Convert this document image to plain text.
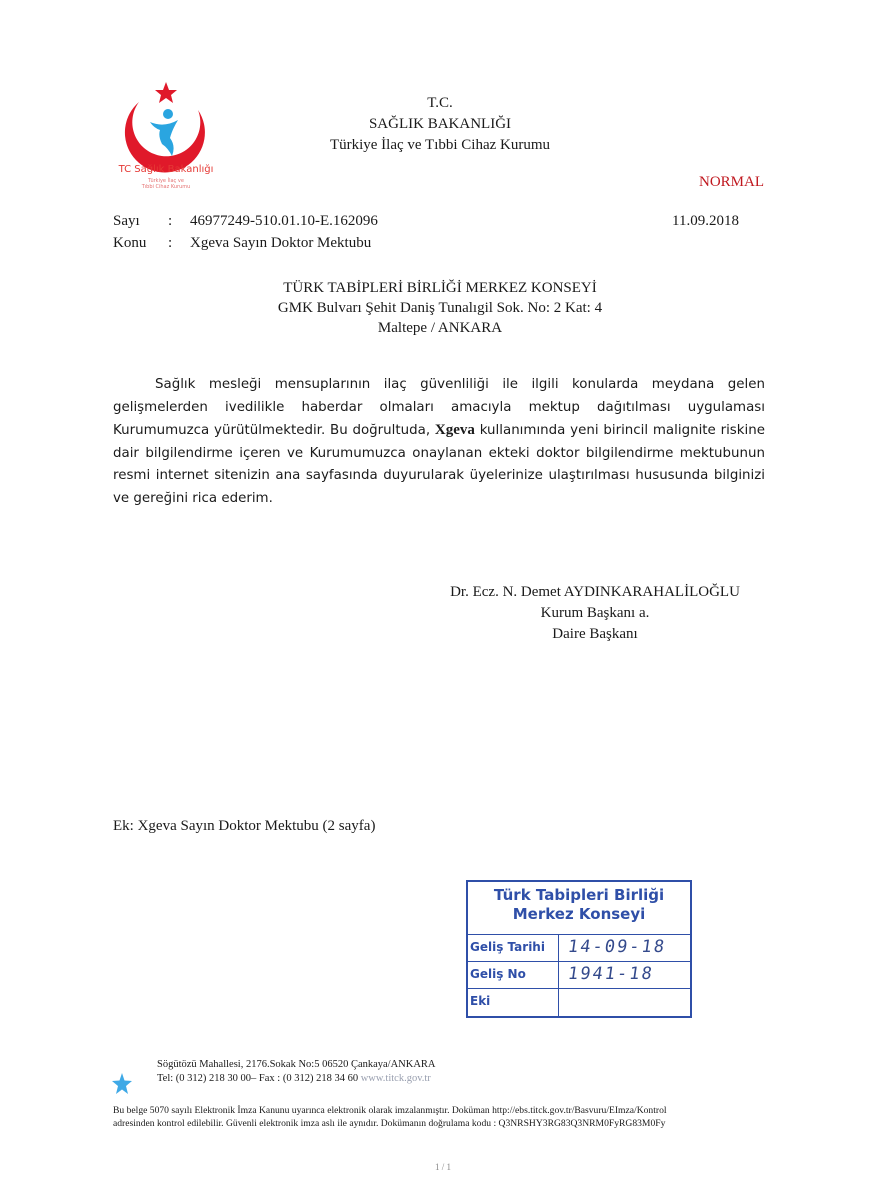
TC Sağlık Bakanlığı
Türkiye İlaç ve
Tıbbi Cihaz Kurumu
T.C.
SAĞLIK BAKANLIĞI
Türkiye İlaç ve Tıbbi Cihaz Kurumu
NORMAL
Sayı : 46977249-510.01.10-E.162096
Konu : Xgeva Sayın Doktor Mektubu
11.09.2018
TÜRK TABİPLERİ BİRLİĞİ MERKEZ KONSEYİ
GMK Bulvarı Şehit Daniş Tunalıgil Sok. No: 2 Kat: 4
Maltepe / ANKARA
Sağlık mesleği mensuplarının ilaç güvenliliği ile ilgili konularda meydana gelen gelişmelerden ivedilikle haberdar olmaları amacıyla mektup dağıtılması uygulaması Kurumumuzca yürütülmektedir. Bu doğrultuda, Xgeva kullanımında yeni birincil malignite riskine dair bilgilendirme içeren ve Kurumumuzca onaylanan ekteki doktor bilgilendirme mektubunun resmi internet sitenizin ana sayfasında duyurularak üyelerinize ulaştırılması hususunda bilginizi ve gereğini rica ederim.
Dr. Ecz. N. Demet AYDINKARAHALİLOĞLU
Kurum Başkanı a.
Daire Başkanı
Ek: Xgeva Sayın Doktor Mektubu (2 sayfa)
Türk Tabipleri Birliği
Merkez Konseyi
Geliş Tarihi	14-09-18
Geliş No	1941-18
Eki
Sögütözü Mahallesi, 2176.Sokak No:5 06520 Çankaya/ANKARA
Tel: (0 312) 218 30 00– Fax : (0 312) 218 34 60 www.titck.gov.tr
Bu belge 5070 sayılı Elektronik İmza Kanunu uyarınca elektronik olarak imzalanmıştır. Doküman http://ebs.titck.gov.tr/Basvuru/EImza/Kontrol
adresinden kontrol edilebilir. Güvenli elektronik imza aslı ile aynıdır. Dokümanın doğrulama kodu : Q3NRSHY3RG83Q3NRM0FyRG83M0Fy
1 / 1
